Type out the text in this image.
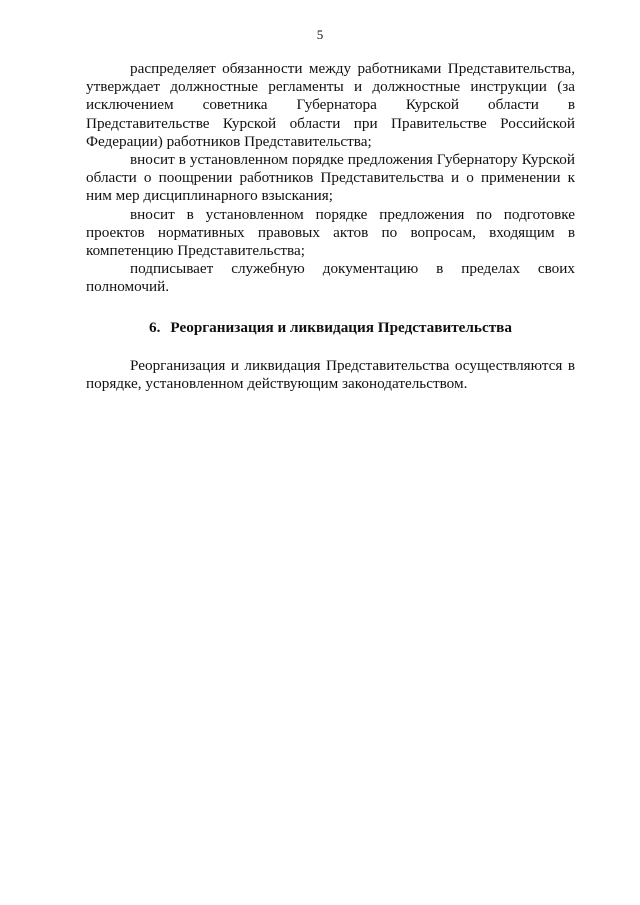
5

распределяет обязанности между работниками Представительства, утверждает должностные регламенты и должностные инструкции (за исключением советника Губернатора Курской области в Представительстве Курской области при Правительстве Российской Федерации) работников Представительства;

вносит в установленном порядке предложения Губернатору Курской области о поощрении работников Представительства и о применении к ним мер дисциплинарного взыскания;

вносит в установленном порядке предложения по подготовке проектов нормативных правовых актов по вопросам, входящим в компетенцию Представительства;

подписывает служебную документацию в пределах своих полномочий.

6. Реорганизация и ликвидация Представительства

Реорганизация и ликвидация Представительства осуществляются в порядке, установленном действующим законодательством.
